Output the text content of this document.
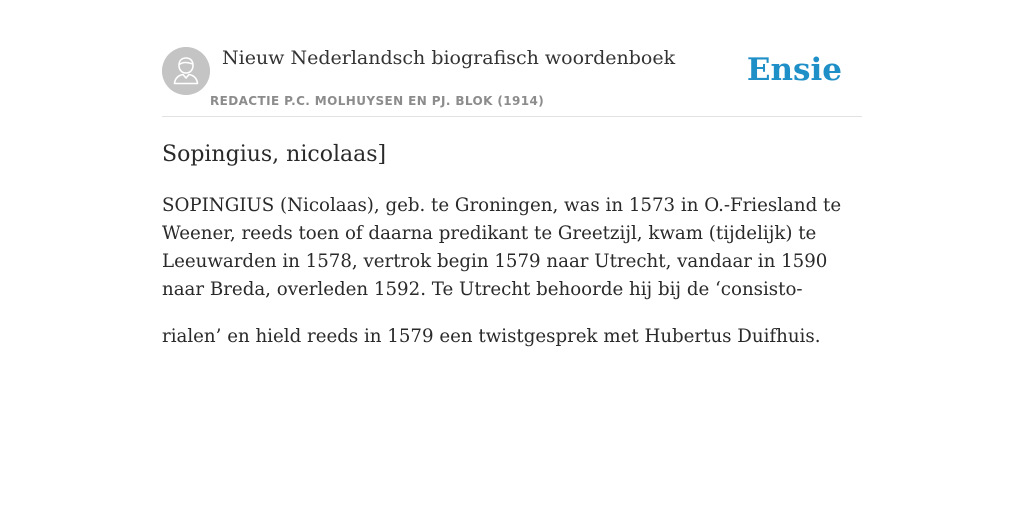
Nieuw Nederlandsch biografisch woordenboek
REDACTIE P.C. MOLHUYSEN EN PJ. BLOK (1914)
Ensie
Sopingius, nicolaas]

SOPINGIUS (Nicolaas), geb. te Groningen, was in 1573 in O.-Friesland te Weener, reeds toen of daarna predikant te Greetzijl, kwam (tijdelijk) te Leeuwarden in 1578, vertrok begin 1579 naar Utrecht, vandaar in 1590 naar Breda, overleden 1592. Te Utrecht behoorde hij bij de ‘consisto-

rialen’ en hield reeds in 1579 een twistgesprek met Hubertus Duifhuis.
